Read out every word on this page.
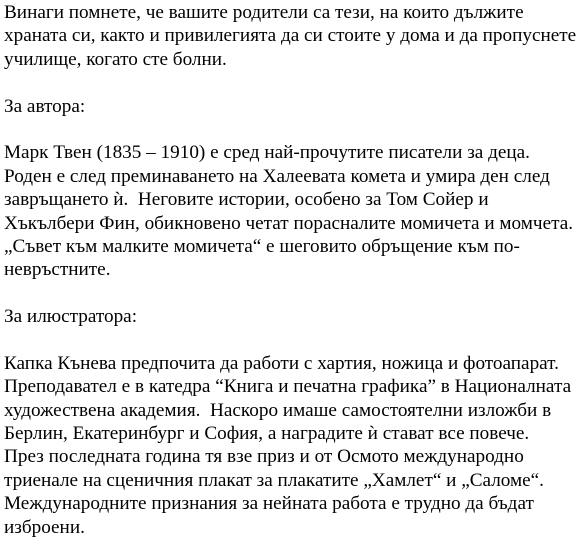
Винаги помнете, че вашите родители са тези, на които дължите
храната си, както и привилегията да си стоите у дома и да пропуснете
училище, когато сте болни.
За автора:
Марк Твен (1835 – 1910) е сред най-прочутите писатели за деца.
Роден е след преминаването на Халеевата комета и умира ден след
завръщането ѝ.  Неговите истории, особено за Том Сойер и
Хъкълбери Фин, обикновено четат порасналите момичета и момчета.
„Съвет към малките момичета“ е шеговито обръщение към по-
невръстните.
За илюстратора:
Капка Кънева предпочита да работи с хартия, ножица и фотоапарат.
Преподавател е в катедра “Книга и печатна графика” в Националната
художествена академия.  Наскоро имаше самостоятелни изложби в
Берлин, Екатеринбург и София, а наградите ѝ стават все повече.
През последната година тя взе приз и от Осмото международно
триенале на сценичния плакат за плакатите „Хамлет“ и „Саломе“.
Международните признания за нейната работа е трудно да бъдат
изброени.
